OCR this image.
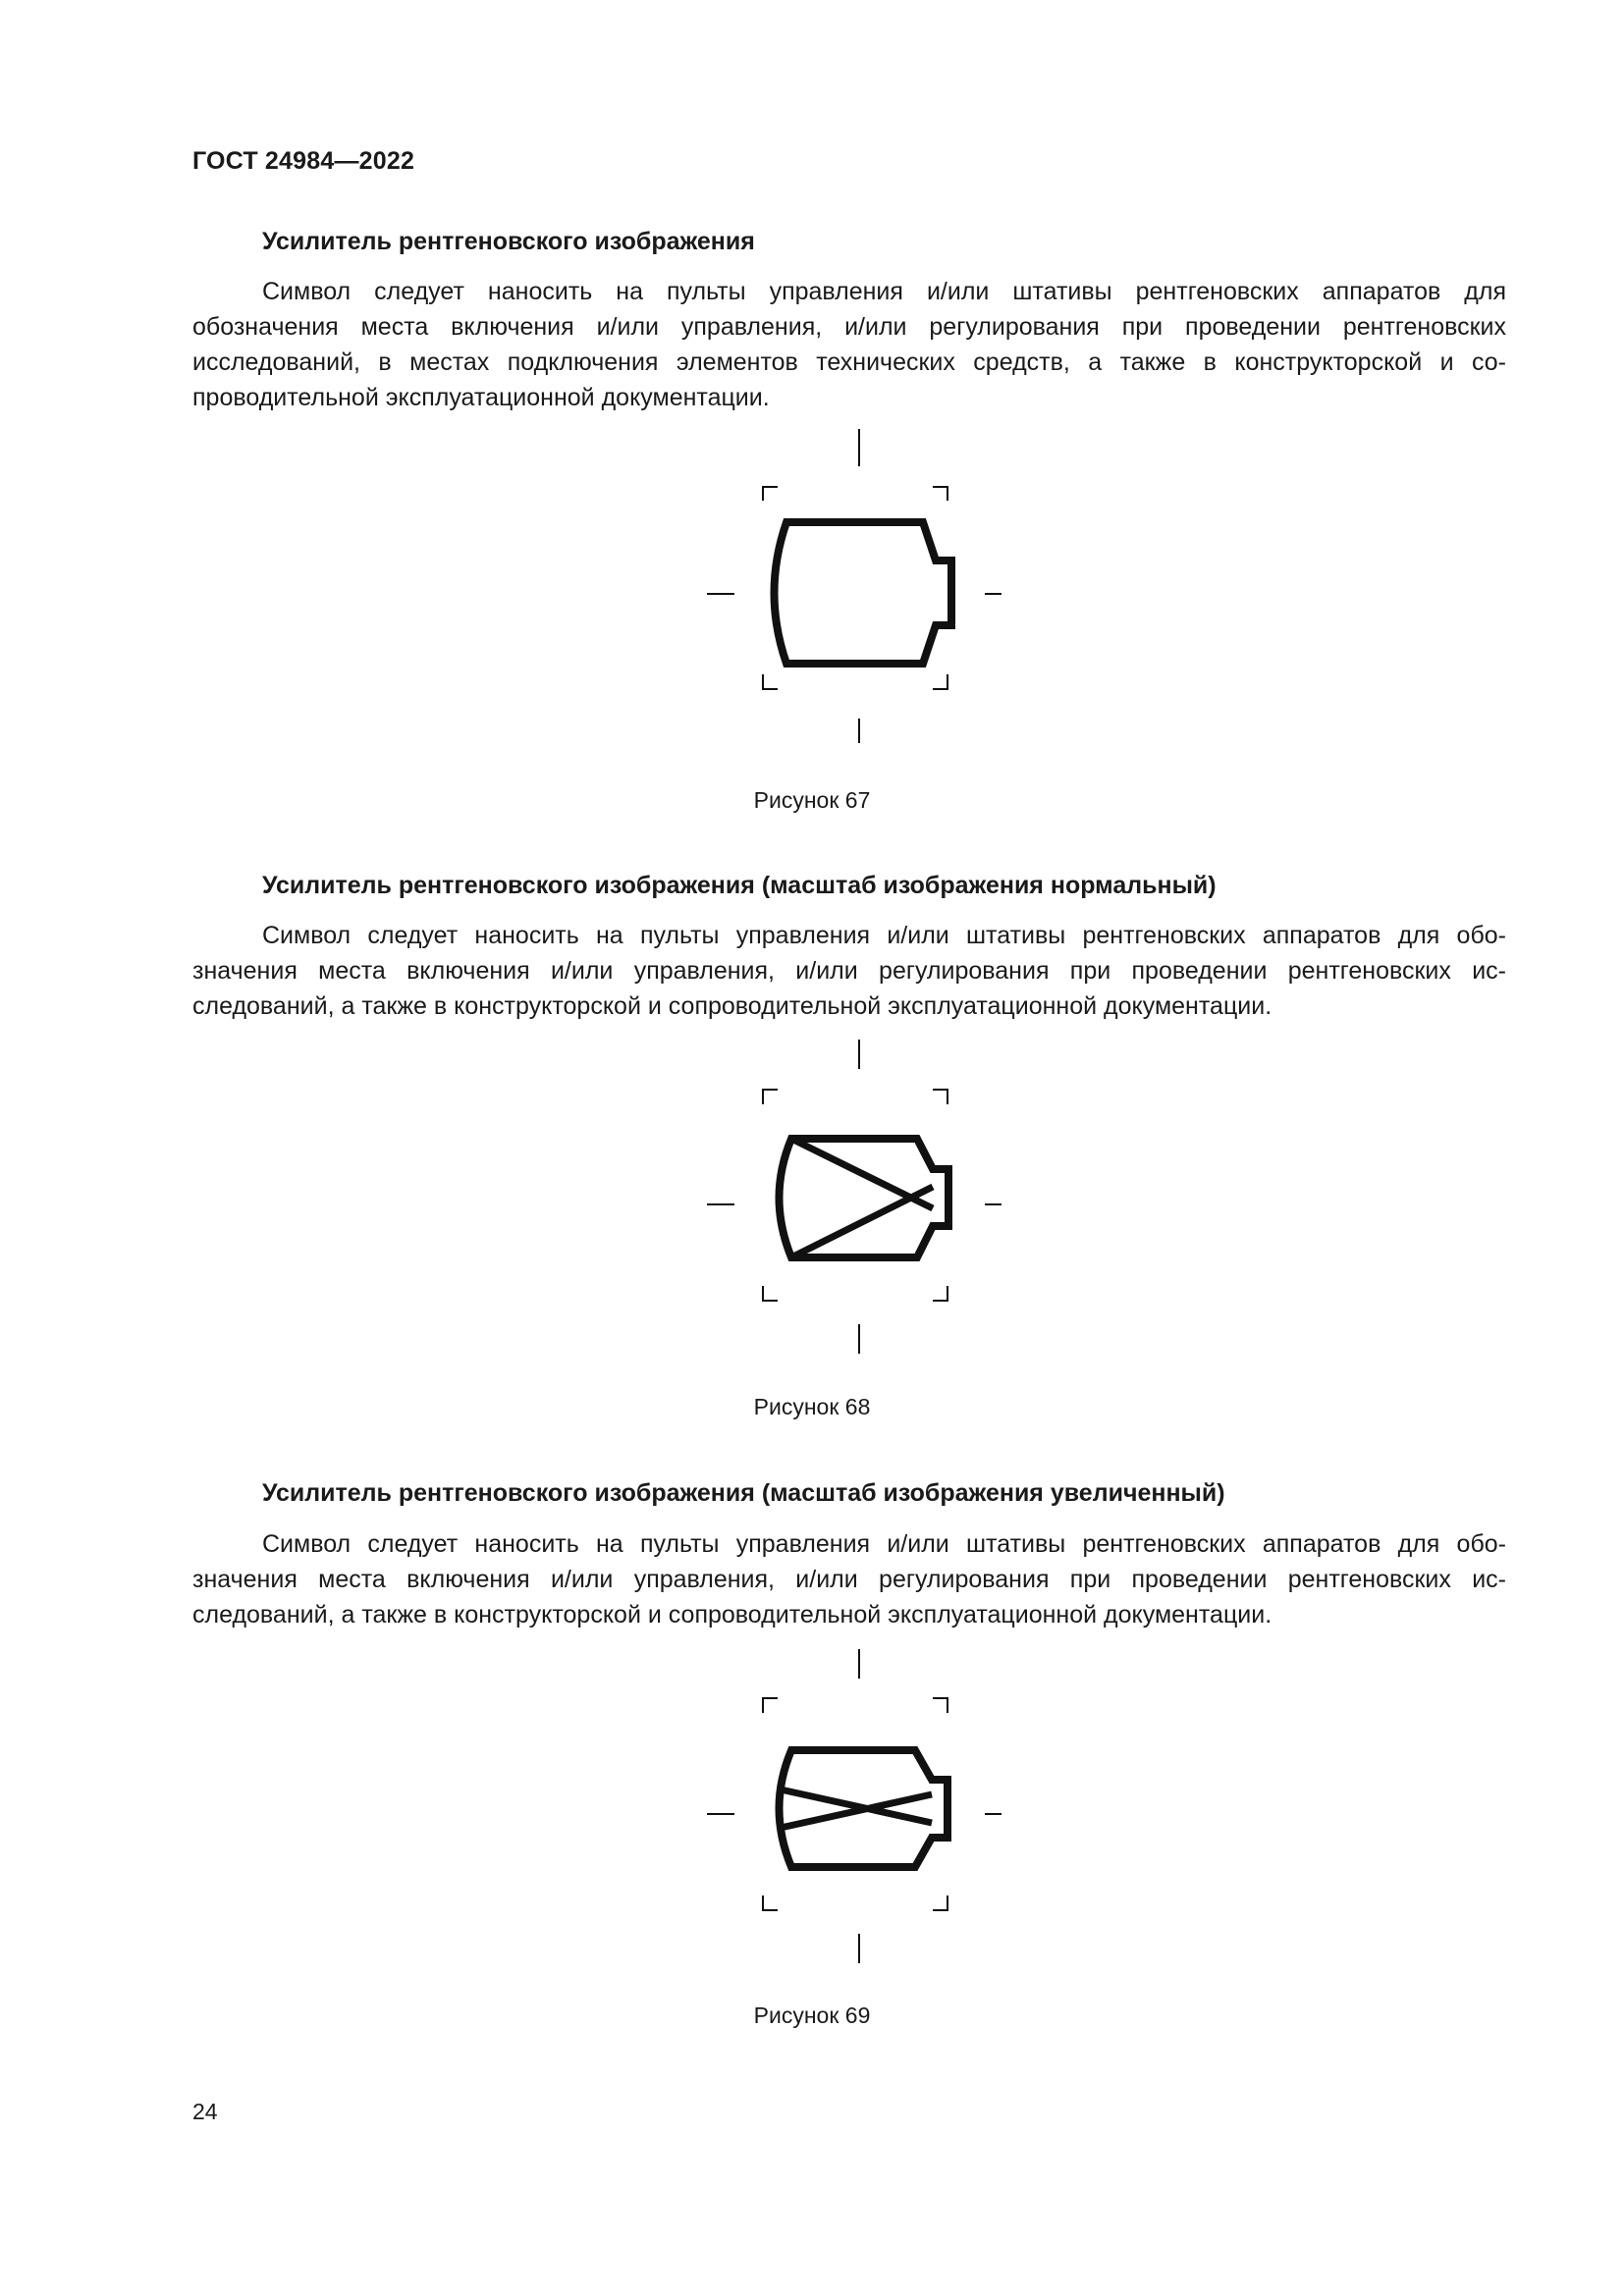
ГОСТ 24984—2022
Усилитель рентгеновского изображения
Символ следует наносить на пульты управления и/или штативы рентгеновских аппаратов для
обозначения места включения и/или управления, и/или регулирования при проведении рентгеновских
исследований, в местах подключения элементов технических средств, а также в конструкторской и со-
проводительной эксплуатационной документации.
Рисунок 67
Усилитель рентгеновского изображения (масштаб изображения нормальный)
Символ следует наносить на пульты управления и/или штативы рентгеновских аппаратов для обо-
значения места включения и/или управления, и/или регулирования при проведении рентгеновских ис-
следований, а также в конструкторской и сопроводительной эксплуатационной документации.
Рисунок 68
Усилитель рентгеновского изображения (масштаб изображения увеличенный)
Символ следует наносить на пульты управления и/или штативы рентгеновских аппаратов для обо-
значения места включения и/или управления, и/или регулирования при проведении рентгеновских ис-
следований, а также в конструкторской и сопроводительной эксплуатационной документации.
Рисунок 69
24
